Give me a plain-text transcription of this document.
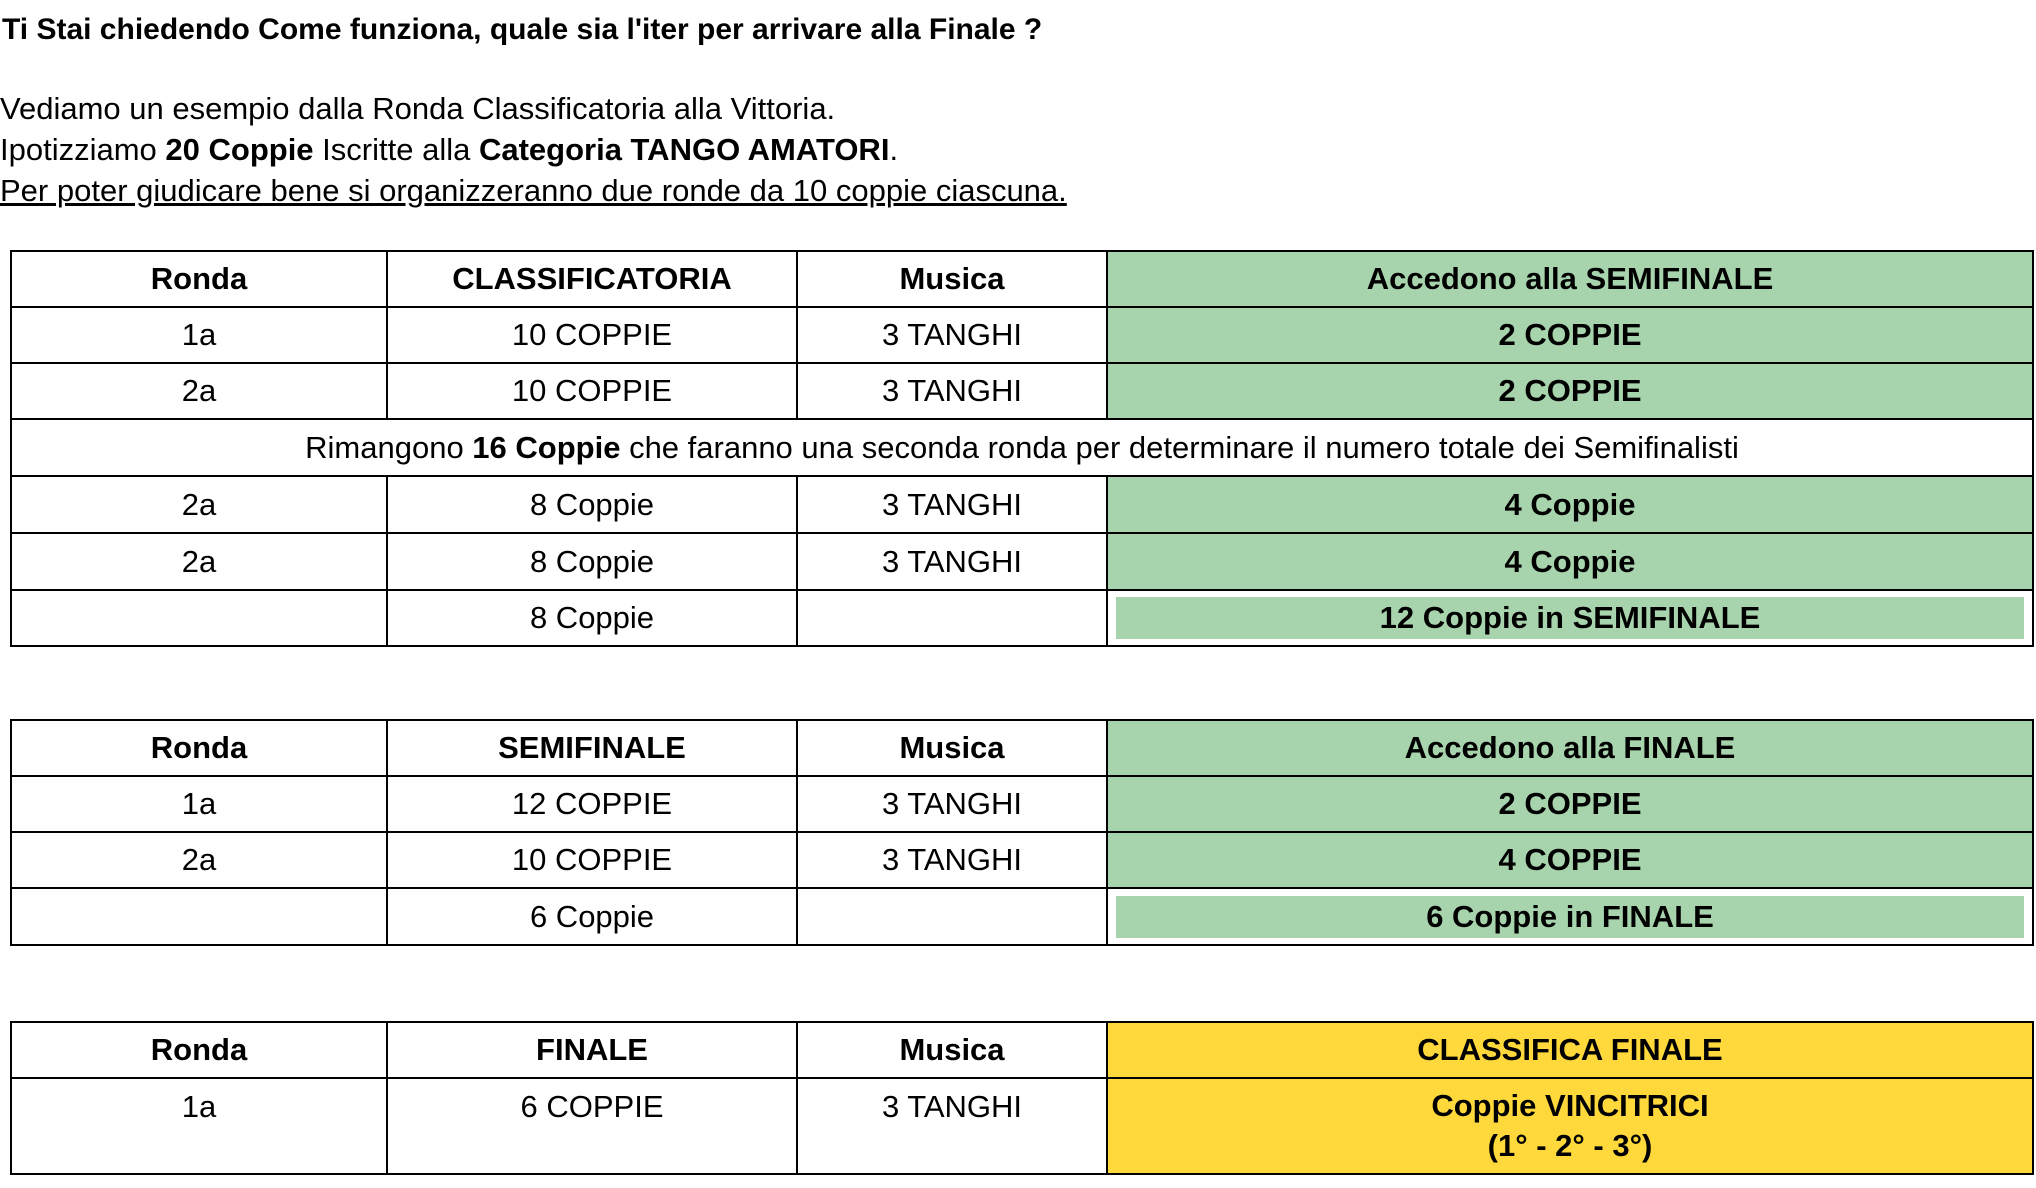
Ti Stai chiedendo Come funziona, quale sia l'iter per arrivare alla Finale ?
Vediamo un esempio dalla Ronda Classificatoria alla Vittoria.
Ipotizziamo 20 Coppie Iscritte alla Categoria TANGO AMATORI.
Per poter giudicare bene si organizzeranno due ronde da 10 coppie ciascuna.
Ronda	CLASSIFICATORIA	Musica	Accedono alla SEMIFINALE
1a	10 COPPIE	3 TANGHI	2 COPPIE
2a	10 COPPIE	3 TANGHI	2 COPPIE
Rimangono 16 Coppie che faranno una seconda ronda per determinare il numero totale dei Semifinalisti			
2a	8 Coppie	3 TANGHI	4 Coppie
2a	8 Coppie	3 TANGHI	4 Coppie
	8 Coppie		12 Coppie in SEMIFINALE
Ronda	SEMIFINALE	Musica	Accedono alla FINALE
1a	12 COPPIE	3 TANGHI	2 COPPIE
2a	10 COPPIE	3 TANGHI	4 COPPIE
	6 Coppie		6 Coppie in FINALE
Ronda	FINALE	Musica	CLASSIFICA FINALE
1a	6 COPPIE	3 TANGHI	Coppie VINCITRICI
(1° - 2° - 3°)
